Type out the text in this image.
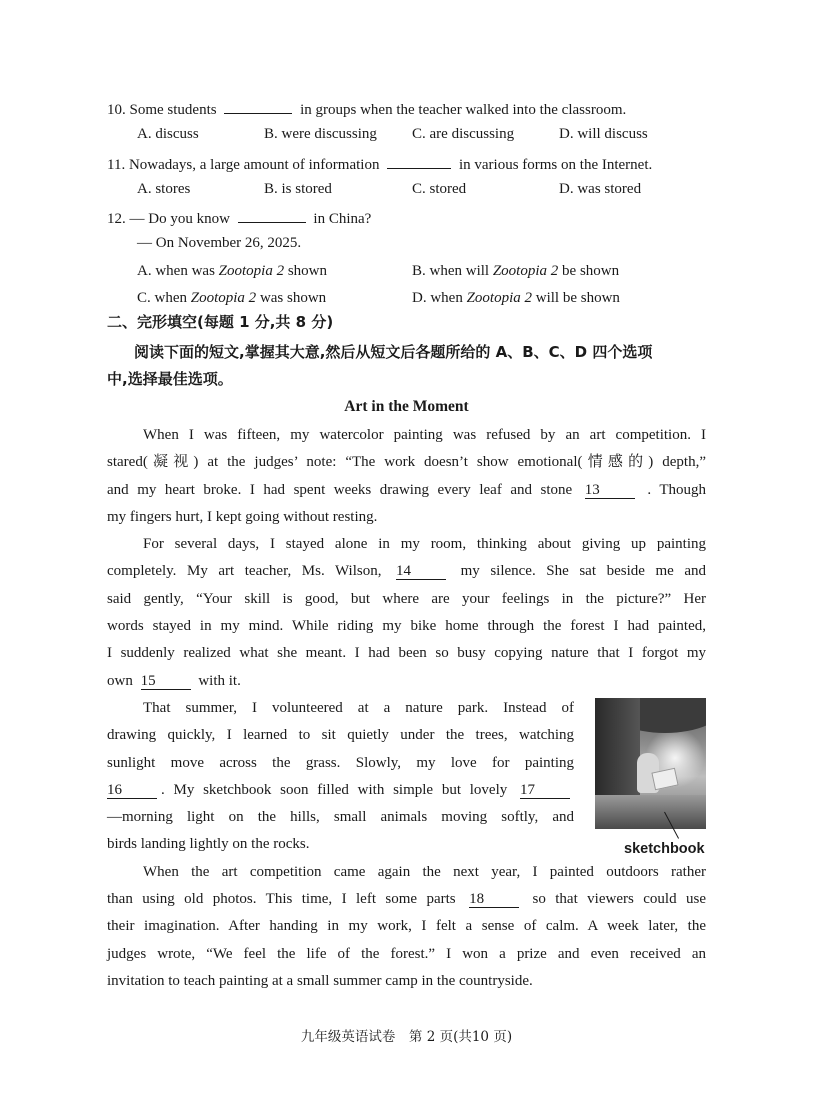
10. Some students	in groups when the teacher walked into the classroom.
A. discuss	B. were discussing C. are discussing	D. will discuss
11. Nowadays, a large amount of information	in various forms on the Internet.
A. stores	B. is stored	C. stored	D. was stored
12. — Do you know	in China?
— On November 26, 2025.
A. when was Zootopia 2 shown	B. when will Zootopia 2 be shown
C. when Zootopia 2 was shown	D. when Zootopia 2 will be shown
二、完形填空(每题 1 分,共 8 分)
阅读下面的短文,掌握其大意,然后从短文后各题所给的 A、B、C、D 四个选项
中,选择最佳选项。
Art in the Moment
When I was fifteen, my watercolor painting was refused by an art competition. I
stared(凝视) at the judges’ note: “The work doesn’t show emotional(情感的) depth,”
and my heart broke. I had spent weeks drawing every leaf and stone 13	. Though
my fingers hurt, I kept going without resting.
For several days, I stayed alone in my room, thinking about giving up painting
completely. My art teacher, Ms. Wilson, 14	my silence. She sat beside me and
said gently, “Your skill is good, but where are your feelings in the picture?” Her
words stayed in my mind. While riding my bike home through the forest I had painted,
I suddenly realized what she meant. I had been so busy copying nature that I forgot my
own 15	with it.
That summer, I volunteered at a nature park. Instead of
drawing quickly, I learned to sit quietly under the trees, watching
sunlight move across the grass. Slowly, my love for painting
16	. My sketchbook soon filled with simple but lovely 17
—morning light on the hills, small animals moving softly, and
birds landing lightly on the rocks.	sketchbook
When the art competition came again the next year, I painted outdoors rather
than using old photos. This time, I left some parts 18	so that viewers could use
their imagination. After handing in my work, I felt a sense of calm. A week later, the
judges wrote, “We feel the life of the forest.” I won a prize and even received an
invitation to teach painting at a small summer camp in the countryside.
九年级英语试卷　第 2 页(共10 页)
